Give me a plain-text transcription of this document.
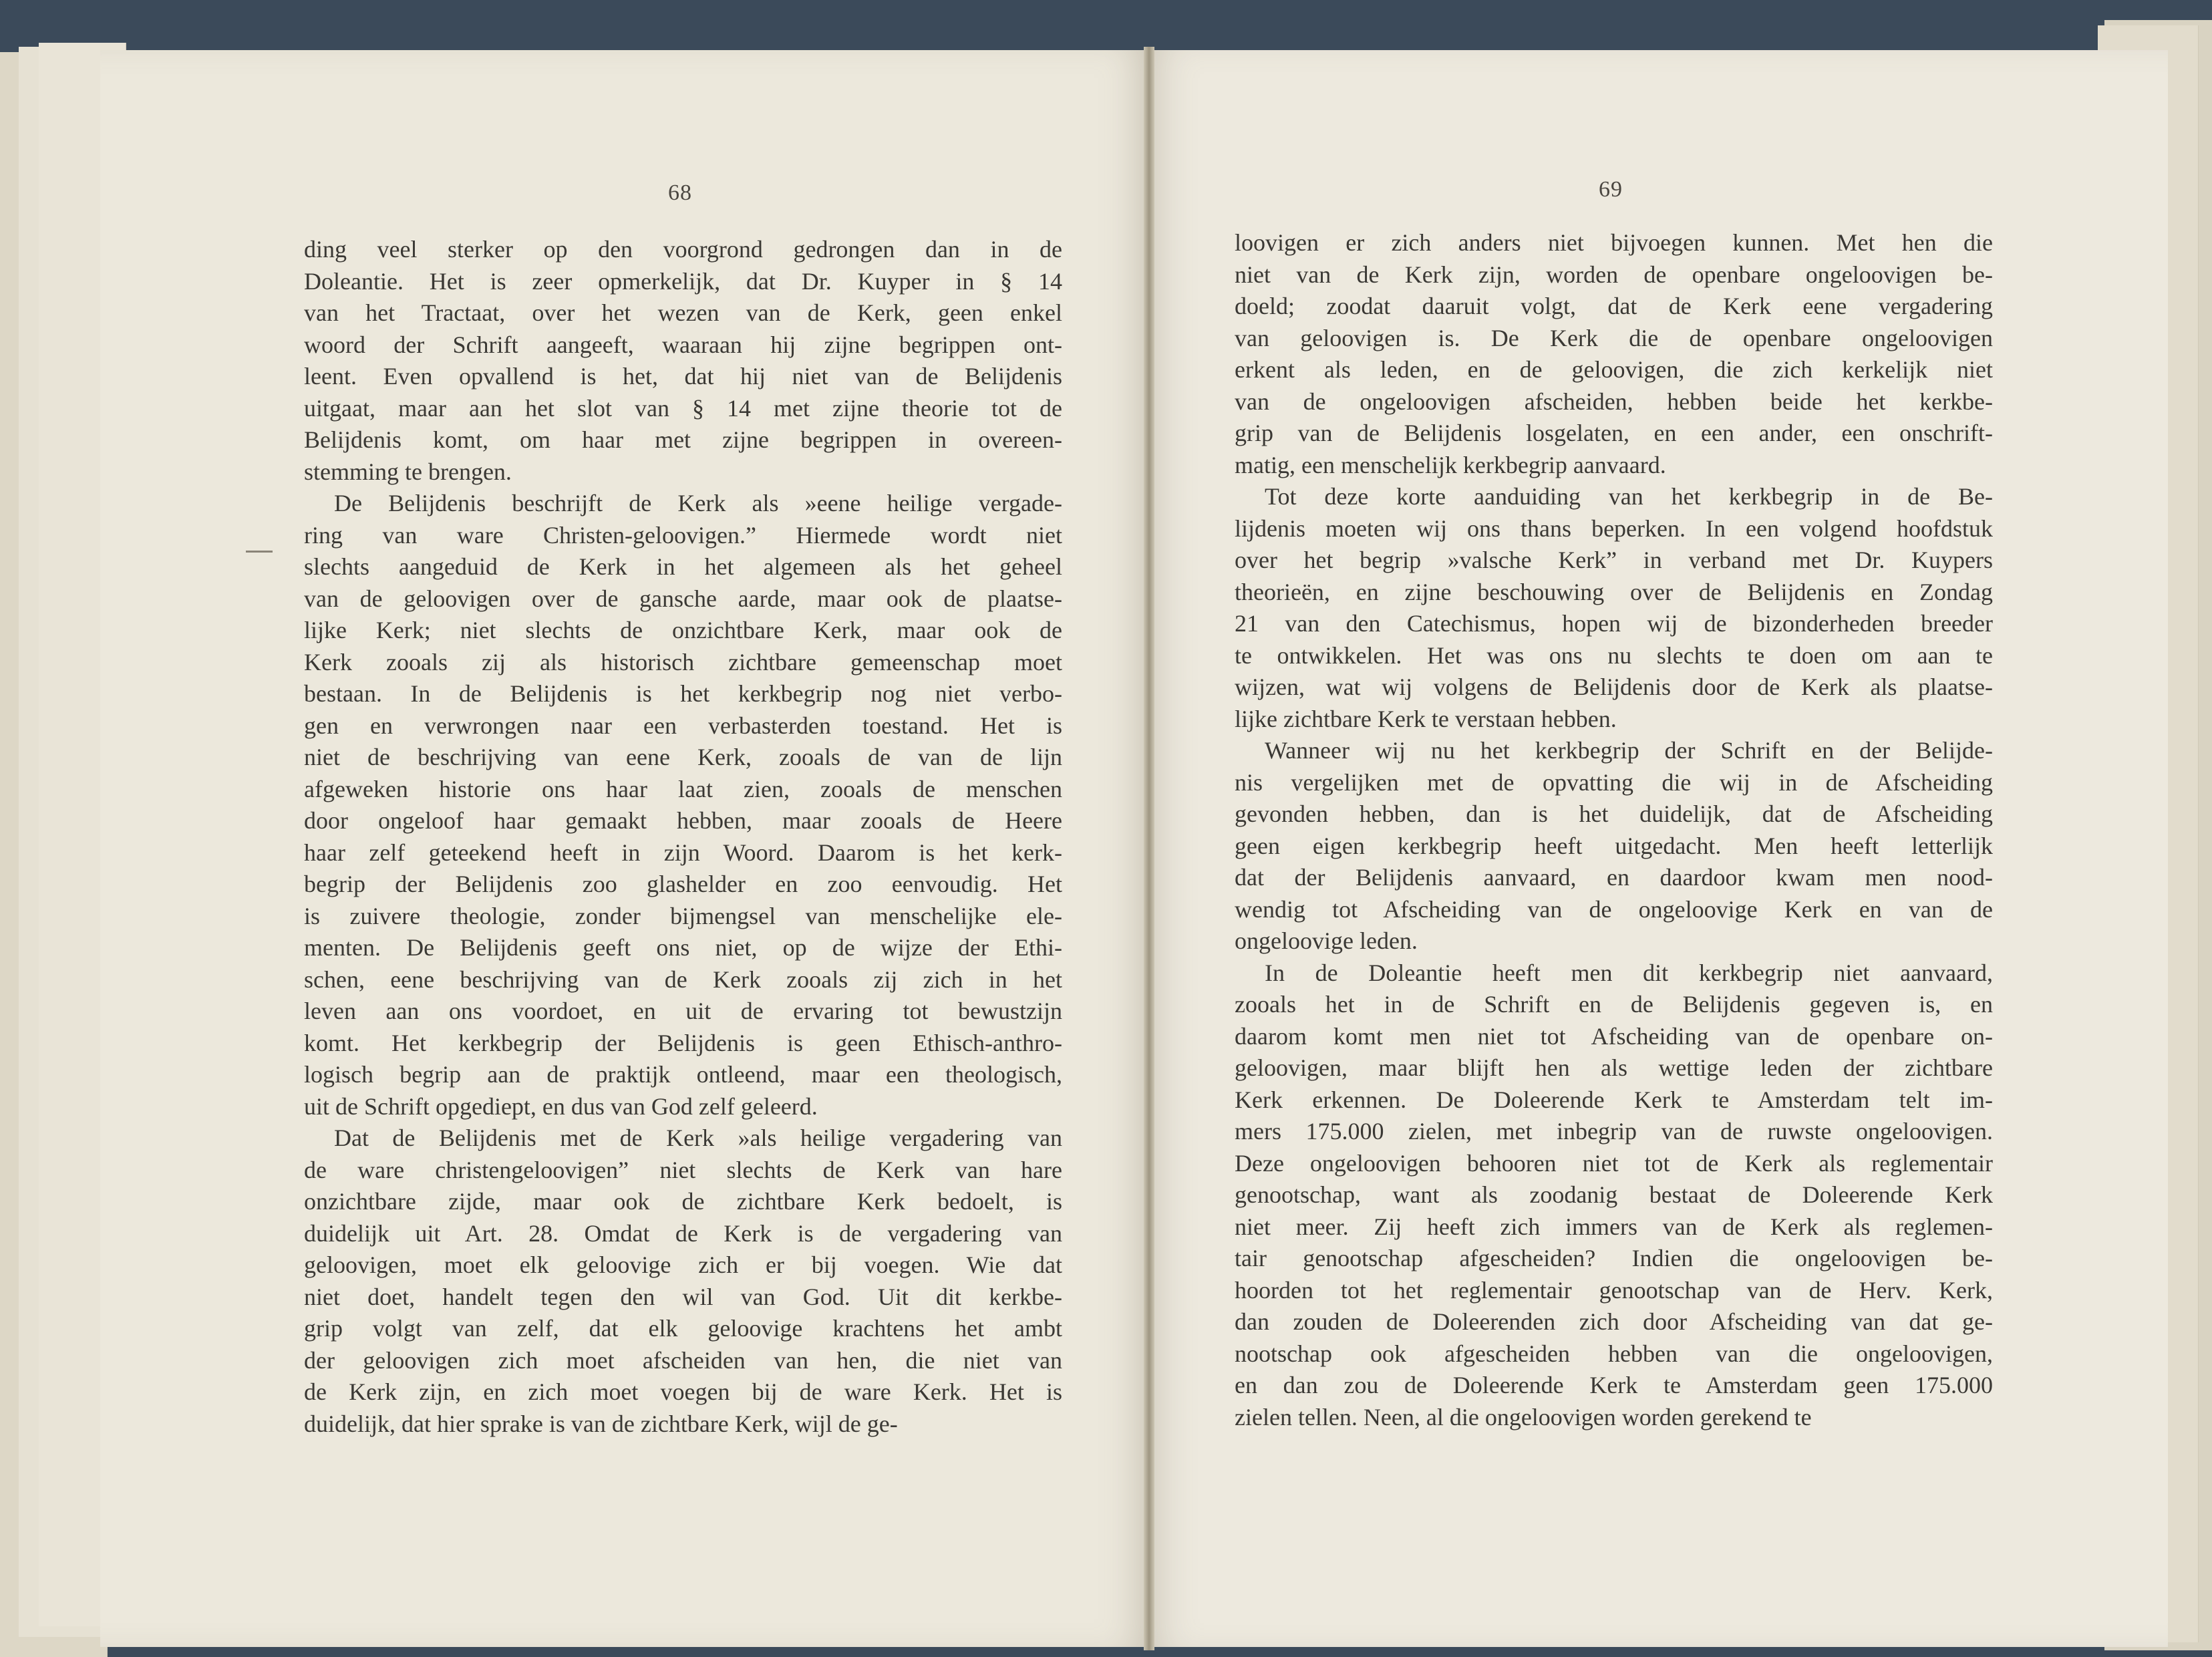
68	69
ding veel sterker op den voorgrond gedrongen dan in de
Doleantie. Het is zeer opmerkelijk, dat Dr. Kuyper in § 14
van het Tractaat, over het wezen van de Kerk, geen enkel
woord der Schrift aangeeft, waaraan hij zijne begrippen ont-
leent. Even opvallend is het, dat hij niet van de Belijdenis
uitgaat, maar aan het slot van § 14 met zijne theorie tot de
Belijdenis komt, om haar met zijne begrippen in overeen-
stemming te brengen.
De Belijdenis beschrijft de Kerk als »eene heilige vergade-
ring van ware Christen-geloovigen.” Hiermede wordt niet
slechts aangeduid de Kerk in het algemeen als het geheel
van de geloovigen over de gansche aarde, maar ook de plaatse-
lijke Kerk; niet slechts de onzichtbare Kerk, maar ook de
Kerk zooals zij als historisch zichtbare gemeenschap moet
bestaan. In de Belijdenis is het kerkbegrip nog niet verbo-
gen en verwrongen naar een verbasterden toestand. Het is
niet de beschrijving van eene Kerk, zooals de van de lijn
afgeweken historie ons haar laat zien, zooals de menschen
door ongeloof haar gemaakt hebben, maar zooals de Heere
haar zelf geteekend heeft in zijn Woord. Daarom is het kerk-
begrip der Belijdenis zoo glashelder en zoo eenvoudig. Het
is zuivere theologie, zonder bijmengsel van menschelijke ele-
menten. De Belijdenis geeft ons niet, op de wijze der Ethi-
schen, eene beschrijving van de Kerk zooals zij zich in het
leven aan ons voordoet, en uit de ervaring tot bewustzijn
komt. Het kerkbegrip der Belijdenis is geen Ethisch-anthro-
logisch begrip aan de praktijk ontleend, maar een theologisch,
uit de Schrift opgediept, en dus van God zelf geleerd.
Dat de Belijdenis met de Kerk »als heilige vergadering van
de ware christengeloovigen” niet slechts de Kerk van hare
onzichtbare zijde, maar ook de zichtbare Kerk bedoelt, is
duidelijk uit Art. 28. Omdat de Kerk is de vergadering van
geloovigen, moet elk geloovige zich er bij voegen. Wie dat
niet doet, handelt tegen den wil van God. Uit dit kerkbe-
grip volgt van zelf, dat elk geloovige krachtens het ambt
der geloovigen zich moet afscheiden van hen, die niet van
de Kerk zijn, en zich moet voegen bij de ware Kerk. Het is
duidelijk, dat hier sprake is van de zichtbare Kerk, wijl de ge-
loovigen er zich anders niet bijvoegen kunnen. Met hen die
niet van de Kerk zijn, worden de openbare ongeloovigen be-
doeld; zoodat daaruit volgt, dat de Kerk eene vergadering
van geloovigen is. De Kerk die de openbare ongeloovigen
erkent als leden, en de geloovigen, die zich kerkelijk niet
van de ongeloovigen afscheiden, hebben beide het kerkbe-
grip van de Belijdenis losgelaten, en een ander, een onschrift-
matig, een menschelijk kerkbegrip aanvaard.
Tot deze korte aanduiding van het kerkbegrip in de Be-
lijdenis moeten wij ons thans beperken. In een volgend hoofdstuk
over het begrip »valsche Kerk” in verband met Dr. Kuypers
theorieën, en zijne beschouwing over de Belijdenis en Zondag
21 van den Catechismus, hopen wij de bizonderheden breeder
te ontwikkelen. Het was ons nu slechts te doen om aan te
wijzen, wat wij volgens de Belijdenis door de Kerk als plaatse-
lijke zichtbare Kerk te verstaan hebben.
Wanneer wij nu het kerkbegrip der Schrift en der Belijde-
nis vergelijken met de opvatting die wij in de Afscheiding
gevonden hebben, dan is het duidelijk, dat de Afscheiding
geen eigen kerkbegrip heeft uitgedacht. Men heeft letterlijk
dat der Belijdenis aanvaard, en daardoor kwam men nood-
wendig tot Afscheiding van de ongeloovige Kerk en van de
ongeloovige leden.
In de Doleantie heeft men dit kerkbegrip niet aanvaard,
zooals het in de Schrift en de Belijdenis gegeven is, en
daarom komt men niet tot Afscheiding van de openbare on-
geloovigen, maar blijft hen als wettige leden der zichtbare
Kerk erkennen. De Doleerende Kerk te Amsterdam telt im-
mers 175.000 zielen, met inbegrip van de ruwste ongeloovigen.
Deze ongeloovigen behooren niet tot de Kerk als reglementair
genootschap, want als zoodanig bestaat de Doleerende Kerk
niet meer. Zij heeft zich immers van de Kerk als reglemen-
tair genootschap afgescheiden? Indien die ongeloovigen be-
hoorden tot het reglementair genootschap van de Herv. Kerk,
dan zouden de Doleerenden zich door Afscheiding van dat ge-
nootschap ook afgescheiden hebben van die ongeloovigen,
en dan zou de Doleerende Kerk te Amsterdam geen 175.000
zielen tellen. Neen, al die ongeloovigen worden gerekend te
